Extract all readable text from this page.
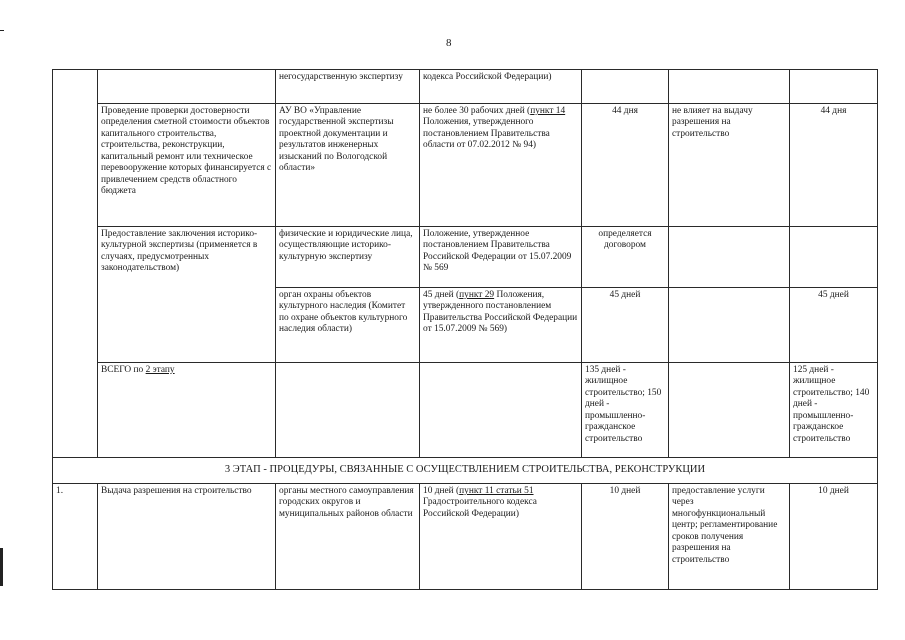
8
		негосударственную экспертизу	кодекса Российской Федерации)			
	Проведение проверки достоверности определения сметной стоимости объектов капитального строительства, строительства, реконструкции, капитальный ремонт или техническое перевооружение которых финансируется с привлечением средств областного бюджета	АУ ВО «Управление государственной экспертизы проектной документации и результатов инженерных изысканий по Вологодской области»	не более 30 рабочих дней (пункт 14 Положения, утвержденного постановлением Правительства области от 07.02.2012 № 94)	44 дня	не влияет на выдачу разрешения на строительство	44 дня
	Предоставление заключения историко-культурной экспертизы (применяется в случаях, предусмотренных законодательством)	физические и юридические лица, осуществляющие историко-культурную экспертизу	Положение, утвержденное постановлением Правительства Российской Федерации от 15.07.2009 № 569	определяется договором		
		орган охраны объектов культурного наследия (Комитет по охране объектов культурного наследия области)	45 дней (пункт 29 Положения, утвержденного постановлением Правительства Российской Федерации от 15.07.2009 № 569)	45 дней		45 дней
	ВСЕГО по 2 этапу			135 дней - жилищное строительство; 150 дней - промышленно-гражданское строительство		125 дней - жилищное строительство; 140 дней - промышленно-гражданское строительство
3 ЭТАП - ПРОЦЕДУРЫ, СВЯЗАННЫЕ С ОСУЩЕСТВЛЕНИЕМ СТРОИТЕЛЬСТВА, РЕКОНСТРУКЦИИ						
1.	Выдача разрешения на строительство	органы местного самоуправления городских округов и муниципальных районов области	10 дней (пункт 11 статьи 51 Градостроительного кодекса Российской Федерации)	10 дней	предоставление услуги через многофункциональный центр; регламентирование сроков получения разрешения на строительство	10 дней
